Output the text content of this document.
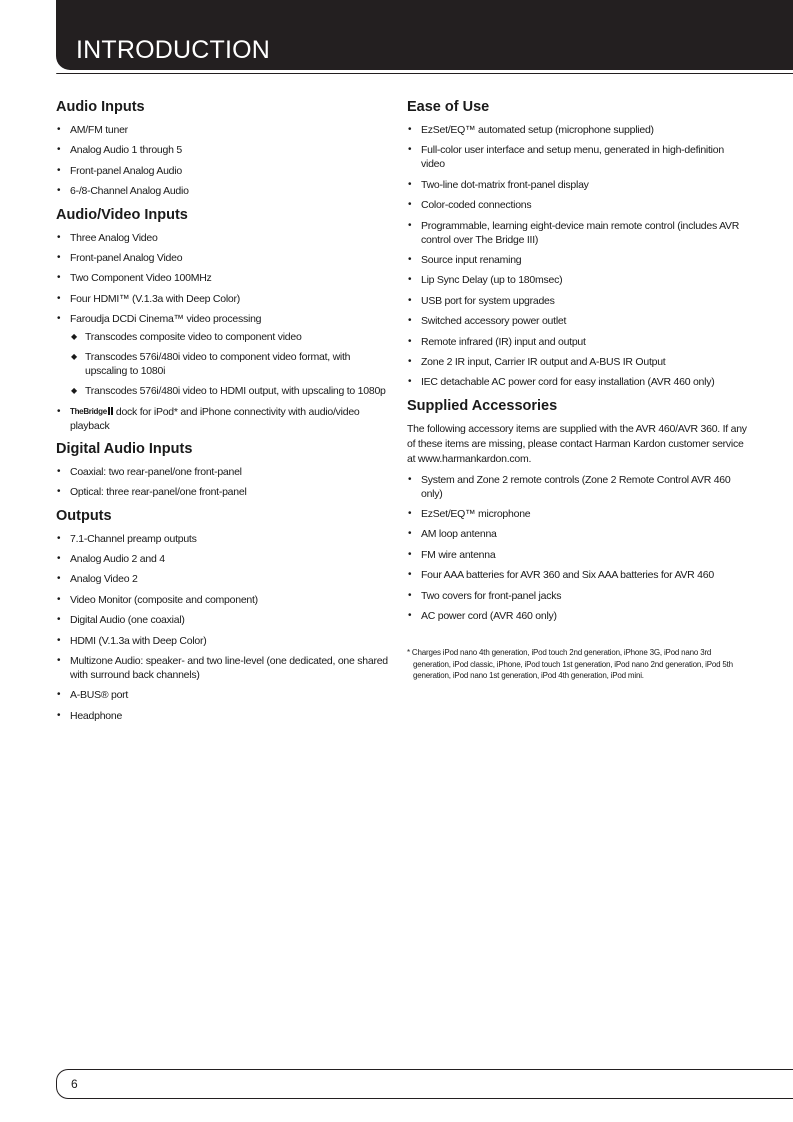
INTRODUCTION
Audio Inputs
• AM/FM tuner
• Analog Audio 1 through 5
• Front-panel Analog Audio
• 6-/8-Channel Analog Audio
Audio/Video Inputs
• Three Analog Video
• Front-panel Analog Video
• Two Component Video 100MHz
• Four HDMI™ (V.1.3a with Deep Color)
• Faroudja DCDi Cinema™ video processing
◆ Transcodes composite video to component video
◆ Transcodes 576i/480i video to component video format, with upscaling to 1080i
◆ Transcodes 576i/480i video to HDMI output, with upscaling to 1080p
• TheBridge dock for iPod* and iPhone connectivity with audio/video playback
Digital Audio Inputs
• Coaxial: two rear-panel/one front-panel
• Optical: three rear-panel/one front-panel
Outputs
• 7.1-Channel preamp outputs
• Analog Audio 2 and 4
• Analog Video 2
• Video Monitor (composite and component)
• Digital Audio (one coaxial)
• HDMI (V.1.3a with Deep Color)
• Multizone Audio: speaker- and two line-level (one dedicated, one shared with surround back channels)
• A-BUS® port
• Headphone
Ease of Use
• EzSet/EQ™ automated setup (microphone supplied)
• Full-color user interface and setup menu, generated in high-definition video
• Two-line dot-matrix front-panel display
• Color-coded connections
• Programmable, learning eight-device main remote control (includes AVR control over The Bridge III)
• Source input renaming
• Lip Sync Delay (up to 180msec)
• USB port for system upgrades
• Switched accessory power outlet
• Remote infrared (IR) input and output
• Zone 2 IR input, Carrier IR output and A-BUS IR Output
• IEC detachable AC power cord for easy installation (AVR 460 only)
Supplied Accessories

The following accessory items are supplied with the AVR 460/AVR 360. If any of these items are missing, please contact Harman Kardon customer service at www.harmankardon.com.

• System and Zone 2 remote controls (Zone 2 Remote Control AVR 460 only)
• EzSet/EQ™ microphone
• AM loop antenna
• FM wire antenna
• Four AAA batteries for AVR 360 and Six AAA batteries for AVR 460
• Two covers for front-panel jacks
• AC power cord (AVR 460 only)
* Charges iPod nano 4th generation, iPod touch 2nd generation, iPhone 3G, iPod nano 3rd generation, iPod classic, iPhone, iPod touch 1st generation, iPod nano 2nd generation, iPod 5th generation, iPod nano 1st generation, iPod 4th generation, iPod mini.
6
